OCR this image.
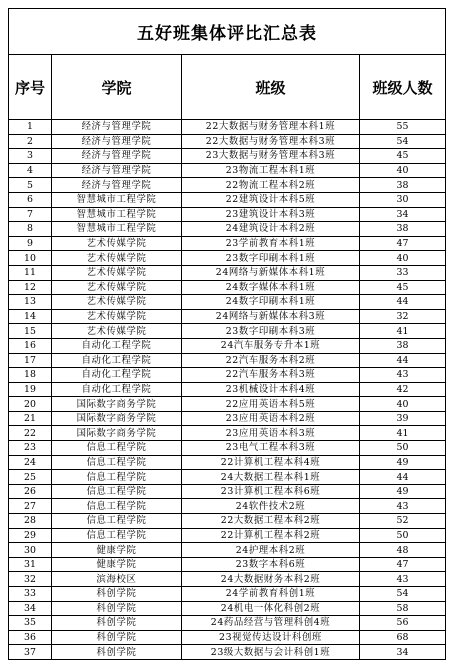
五好班集体评比汇总表			
序号	学院	班级	班级人数
1	经济与管理学院	22大数据与财务管理本科1班	55
2	经济与管理学院	22大数据与财务管理本科3班	54
3	经济与管理学院	23大数据与财务管理本科3班	45
4	经济与管理学院	23物流工程本科1班	40
5	经济与管理学院	22物流工程本科2班	38
6	智慧城市工程学院	22建筑设计本科5班	30
7	智慧城市工程学院	23建筑设计本科3班	34
8	智慧城市工程学院	24建筑设计本科2班	38
9	艺术传媒学院	23学前教育本科1班	47
10	艺术传媒学院	23数字印刷本科1班	40
11	艺术传媒学院	24网络与新媒体本科1班	33
12	艺术传媒学院	24数字媒体本科1班	45
13	艺术传媒学院	24数字印刷本科1班	44
14	艺术传媒学院	24网络与新媒体本科3班	32
15	艺术传媒学院	23数字印刷本科3班	41
16	自动化工程学院	24汽车服务专升本1班	38
17	自动化工程学院	22汽车服务本科2班	44
18	自动化工程学院	22汽车服务本科3班	43
19	自动化工程学院	23机械设计本科4班	42
20	国际数字商务学院	22应用英语本科5班	40
21	国际数字商务学院	23应用英语本科2班	39
22	国际数字商务学院	23应用英语本科3班	41
23	信息工程学院	23电气工程本科3班	50
24	信息工程学院	22计算机工程本科4班	49
25	信息工程学院	24大数据工程本科1班	44
26	信息工程学院	23计算机工程本科6班	49
27	信息工程学院	24软件技术2班	43
28	信息工程学院	22大数据工程本科2班	52
29	信息工程学院	22计算机工程本科2班	50
30	健康学院	24护理本科2班	48
31	健康学院	23数字本科6班	47
32	滨海校区	24大数据财务本科2班	43
33	科创学院	24学前教育科创1班	54
34	科创学院	24机电一体化科创2班	58
35	科创学院	24药品经营与管理科创4班	56
36	科创学院	23视觉传达设计科创班	68
37	科创学院	23级大数据与会计科创1班	34
